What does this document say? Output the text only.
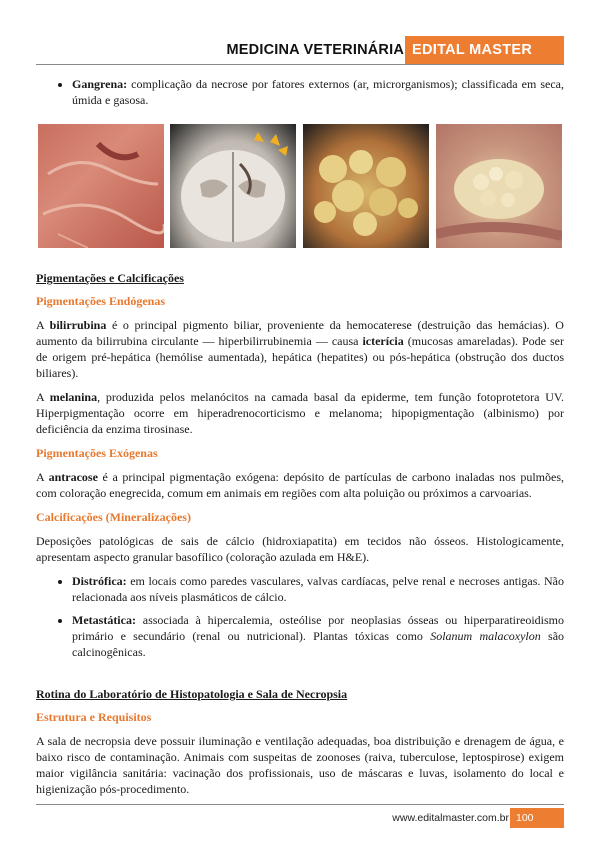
MEDICINA VETERINÁRIA EDITAL MASTER
• Gangrena: complicação da necrose por fatores externos (ar, microrganismos); classificada em seca, úmida e gasosa.

Pigmentações e Calcificações

Pigmentações Endógenas

A bilirrubina é o principal pigmento biliar, proveniente da hemocaterese (destruição das hemácias). O aumento da bilirrubina circulante — hiperbilirrubinemia — causa icterícia (mucosas amareladas). Pode ser de origem pré-hepática (hemólise aumentada), hepática (hepatites) ou pós-hepática (obstrução dos ductos biliares).

A melanina, produzida pelos melanócitos na camada basal da epiderme, tem função fotoprotetora UV. Hiperpigmentação ocorre em hiperadrenocorticismo e melanoma; hipopigmentação (albinismo) por deficiência da enzima tirosinase.

Pigmentações Exógenas

A antracose é a principal pigmentação exógena: depósito de partículas de carbono inaladas nos pulmões, com coloração enegrecida, comum em animais em regiões com alta poluição ou próximos a carvoarias.

Calcificações (Mineralizações)

Deposições patológicas de sais de cálcio (hidroxiapatita) em tecidos não ósseos. Histologicamente, apresentam aspecto granular basofílico (coloração azulada em H&E).

• Distrófica: em locais como paredes vasculares, valvas cardíacas, pelve renal e necroses antigas. Não relacionada aos níveis plasmáticos de cálcio.
• Metastática: associada à hipercalemia, osteólise por neoplasias ósseas ou hiperparatireoidismo primário e secundário (renal ou nutricional). Plantas tóxicas como Solanum malacoxylon são calcinogênicas.

Rotina do Laboratório de Histopatologia e Sala de Necropsia

Estrutura e Requisitos

A sala de necropsia deve possuir iluminação e ventilação adequadas, boa distribuição e drenagem de água, e baixo risco de contaminação. Animais com suspeitas de zoonoses (raiva, tuberculose, leptospirose) exigem maior vigilância sanitária: vacinação dos profissionais, uso de máscaras e luvas, isolamento do local e higienização pós-procedimento.

www.editalmaster.com.br 100
